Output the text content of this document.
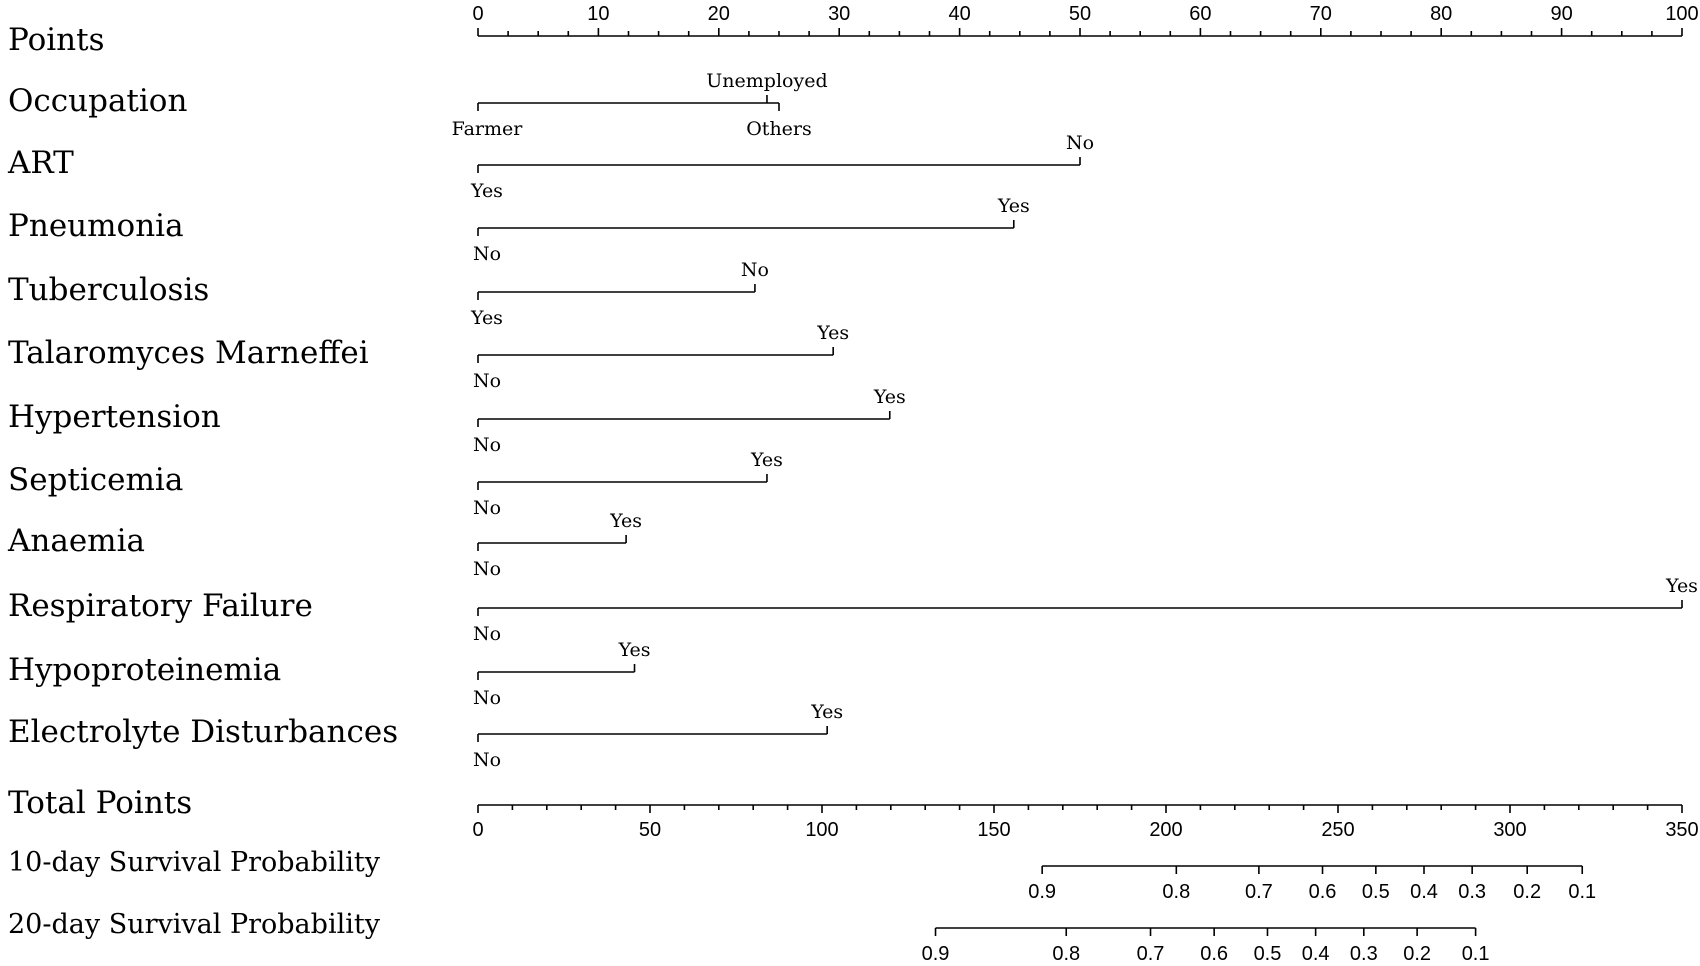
Points
0	10	20	30	40	50	60	70	80	90	100
Occupation
Farmer
Unemployed
Others
ART
Yes
No
Pneumonia
No
Yes
Tuberculosis
Yes
No
Talaromyces Marneffei
No
Yes
Hypertension
No
Yes
Septicemia
No
Yes
Anaemia
No
Yes
Respiratory Failure
No
Yes
Hypoproteinemia
No
Yes
Electrolyte Disturbances
No
Yes
Total Points
0	50	100	150	200	250	300	350
10-day Survival Probability
0.9	0.8	0.7 0.6 0.5 0.4 0.3 0.2 0.1
20-day Survival Probability
0.9	0.8	0.7 0.6 0.5 0.4 0.3 0.2 0.1
